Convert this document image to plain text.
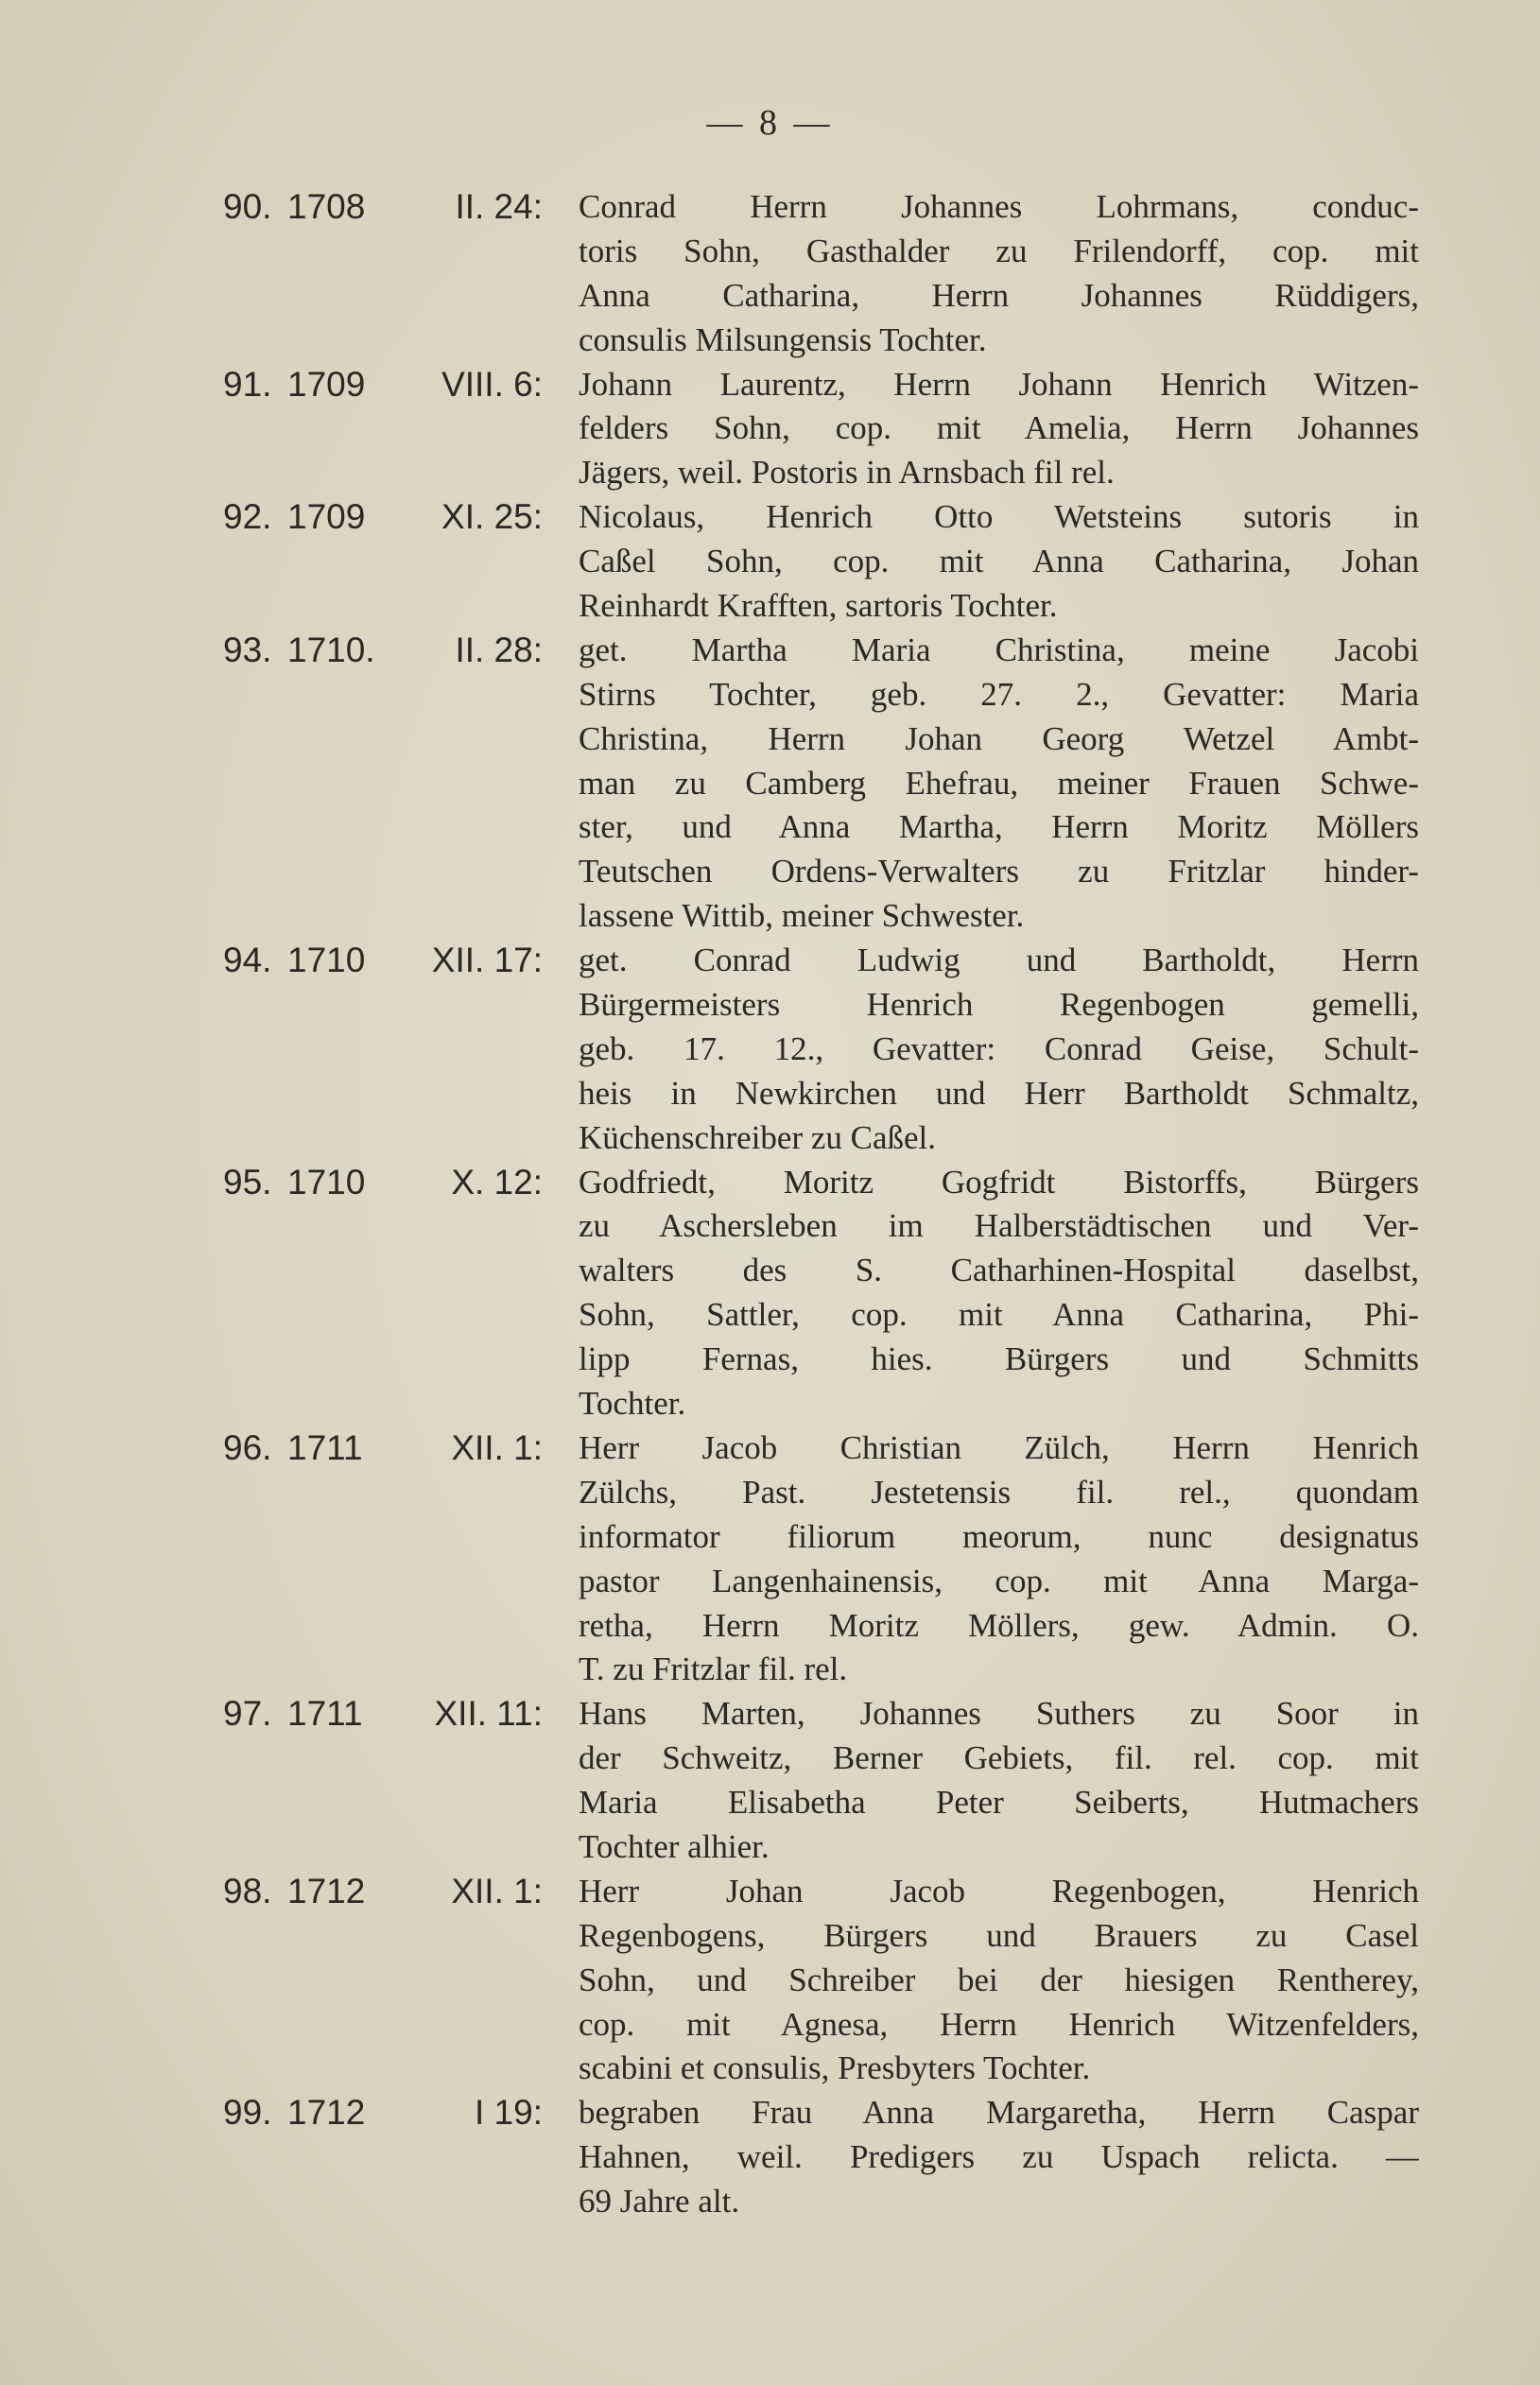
— 8 —
90. 1708	II. 24: Conrad Herrn Johannes Lohrmans, conduc-
toris Sohn, Gasthalder zu Frilendorff, cop. mit
Anna Catharina, Herrn Johannes Rüddigers,
consulis Milsungensis Tochter.
91. 1709	VIII. 6: Johann Laurentz, Herrn Johann Henrich Witzen-
felders Sohn, cop. mit Amelia, Herrn Johannes
Jägers, weil. Postoris in Arnsbach fil rel.
92. 1709	XI. 25: Nicolaus, Henrich Otto Wetsteins sutoris in
Caßel Sohn, cop. mit Anna Catharina, Johan
Reinhardt Krafften, sartoris Tochter.
93. 1710.	II. 28: get. Martha Maria Christina, meine Jacobi
Stirns Tochter, geb. 27. 2., Gevatter: Maria
Christina, Herrn Johan Georg Wetzel Ambt-
man zu Camberg Ehefrau, meiner Frauen Schwe-
ster, und Anna Martha, Herrn Moritz Möllers
Teutschen Ordens-Verwalters zu Fritzlar hinder-
lassene Wittib, meiner Schwester.
94. 1710	XII. 17: get. Conrad Ludwig und Bartholdt, Herrn
Bürgermeisters Henrich Regenbogen gemelli,
geb. 17. 12., Gevatter: Conrad Geise, Schult-
heis in Newkirchen und Herr Bartholdt Schmaltz,
Küchenschreiber zu Caßel.
95. 1710	X. 12: Godfriedt, Moritz Gogfridt Bistorffs, Bürgers
zu Aschersleben im Halberstädtischen und Ver-
walters des S. Catharhinen-Hospital daselbst,
Sohn, Sattler, cop. mit Anna Catharina, Phi-
lipp Fernas, hies. Bürgers und Schmitts
Tochter.
96. 1711	XII. 1: Herr Jacob Christian Zülch, Herrn Henrich
Zülchs, Past. Jestetensis fil. rel., quondam
informator filiorum meorum, nunc designatus
pastor Langenhainensis, cop. mit Anna Marga-
retha, Herrn Moritz Möllers, gew. Admin. O.
T. zu Fritzlar fil. rel.
97. 1711	XII. 11: Hans Marten, Johannes Suthers zu Soor in
der Schweitz, Berner Gebiets, fil. rel. cop. mit
Maria Elisabetha Peter Seiberts, Hutmachers
Tochter alhier.
98. 1712	XII. 1: Herr Johan Jacob Regenbogen, Henrich
Regenbogens, Bürgers und Brauers zu Casel
Sohn, und Schreiber bei der hiesigen Rentherey,
cop. mit Agnesa, Herrn Henrich Witzenfelders,
scabini et consulis, Presbyters Tochter.
99. 1712	I 19: begraben Frau Anna Margaretha, Herrn Caspar
Hahnen, weil. Predigers zu Uspach relicta. —
69 Jahre alt.
